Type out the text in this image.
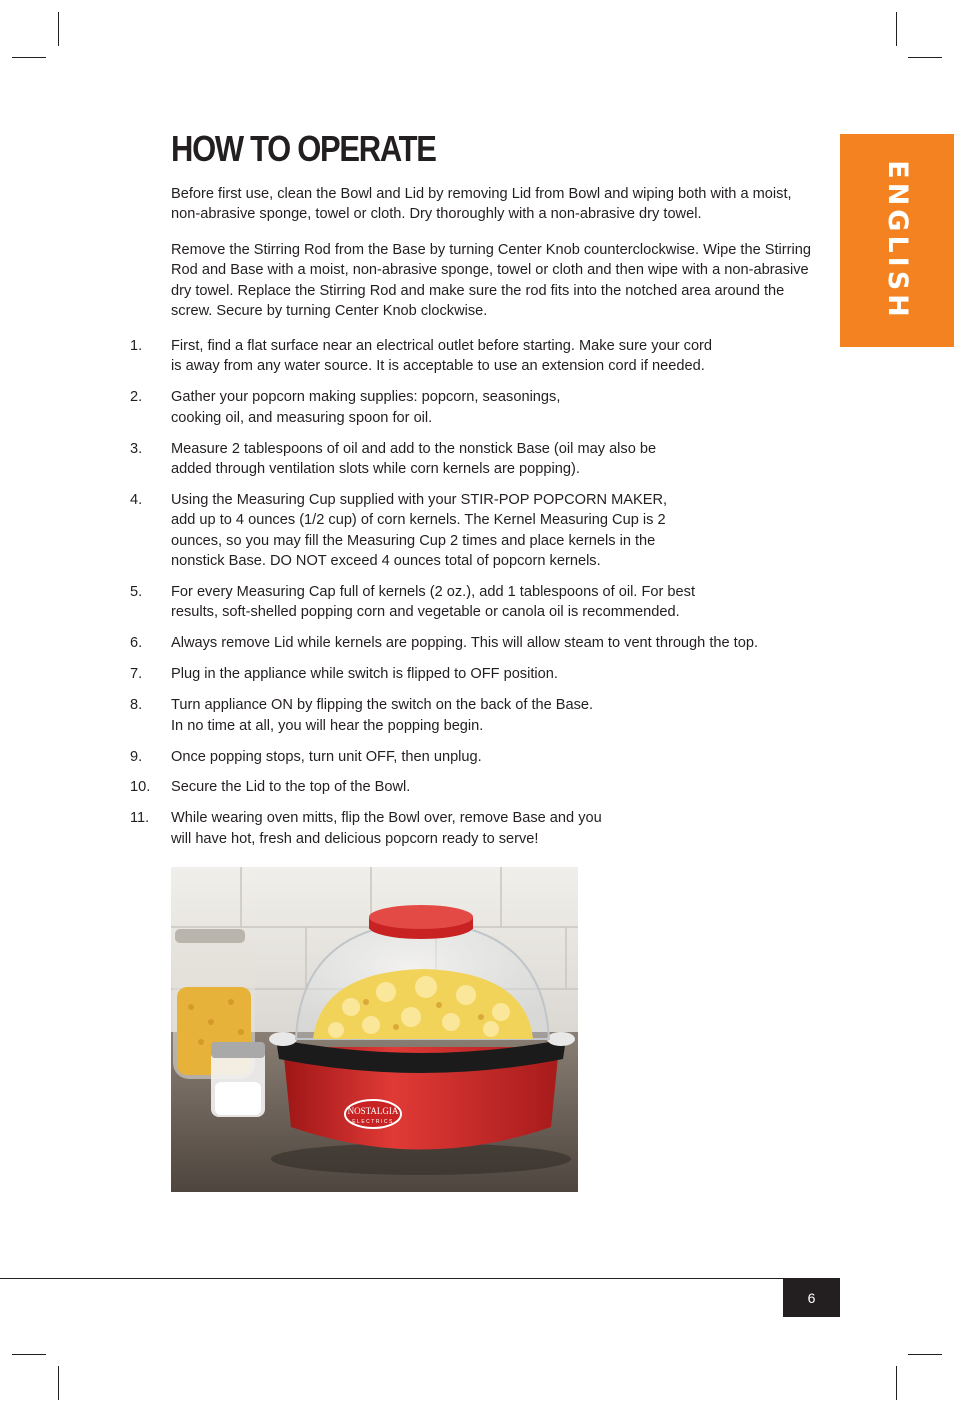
ENGLISH
HOW TO OPERATE

Before first use, clean the Bowl and Lid by removing Lid from Bowl and wiping both with a moist, non-abrasive sponge, towel or cloth. Dry thoroughly with a non-abrasive dry towel.

Remove the Stirring Rod from the Base by turning Center Knob counterclockwise. Wipe the Stirring Rod and Base with a moist, non-abrasive sponge, towel or cloth and then wipe with a non-abrasive dry towel. Replace the Stirring Rod and make sure the rod fits into the notched area around the screw. Secure by turning Center Knob clockwise.

1.	First, find a flat surface near an electrical outlet before starting. Make sure your cord
is away from any water source. It is acceptable to use an extension cord if needed.
2.	Gather your popcorn making supplies: popcorn, seasonings,
cooking oil, and measuring spoon for oil.
3.	Measure 2 tablespoons of oil and add to the nonstick Base (oil may also be
added through ventilation slots while corn kernels are popping).
4.	Using the Measuring Cup supplied with your STIR-POP POPCORN MAKER,
add up to 4 ounces (1/2 cup) of corn kernels. The Kernel Measuring Cup is 2
ounces, so you may fill the Measuring Cup 2 times and place kernels in the
nonstick Base. DO NOT exceed 4 ounces total of popcorn kernels.
5.	For every Measuring Cap full of kernels (2 oz.), add 1 tablespoons of oil. For best
results, soft-shelled popping corn and vegetable or canola oil is recommended.
6.	Always remove Lid while kernels are popping. This will allow steam to vent through the top.
7.	Plug in the appliance while switch is flipped to OFF position.
8.	Turn appliance ON by flipping the switch on the back of the Base.
In no time at all, you will hear the popping begin.
9.	Once popping stops, turn unit OFF, then unplug.
10.	Secure the Lid to the top of the Bowl.
11.	While wearing oven mitts, flip the Bowl over, remove Base and you
will have hot, fresh and delicious popcorn ready to serve!
NOSTALGIA
ELECTRICS
6
